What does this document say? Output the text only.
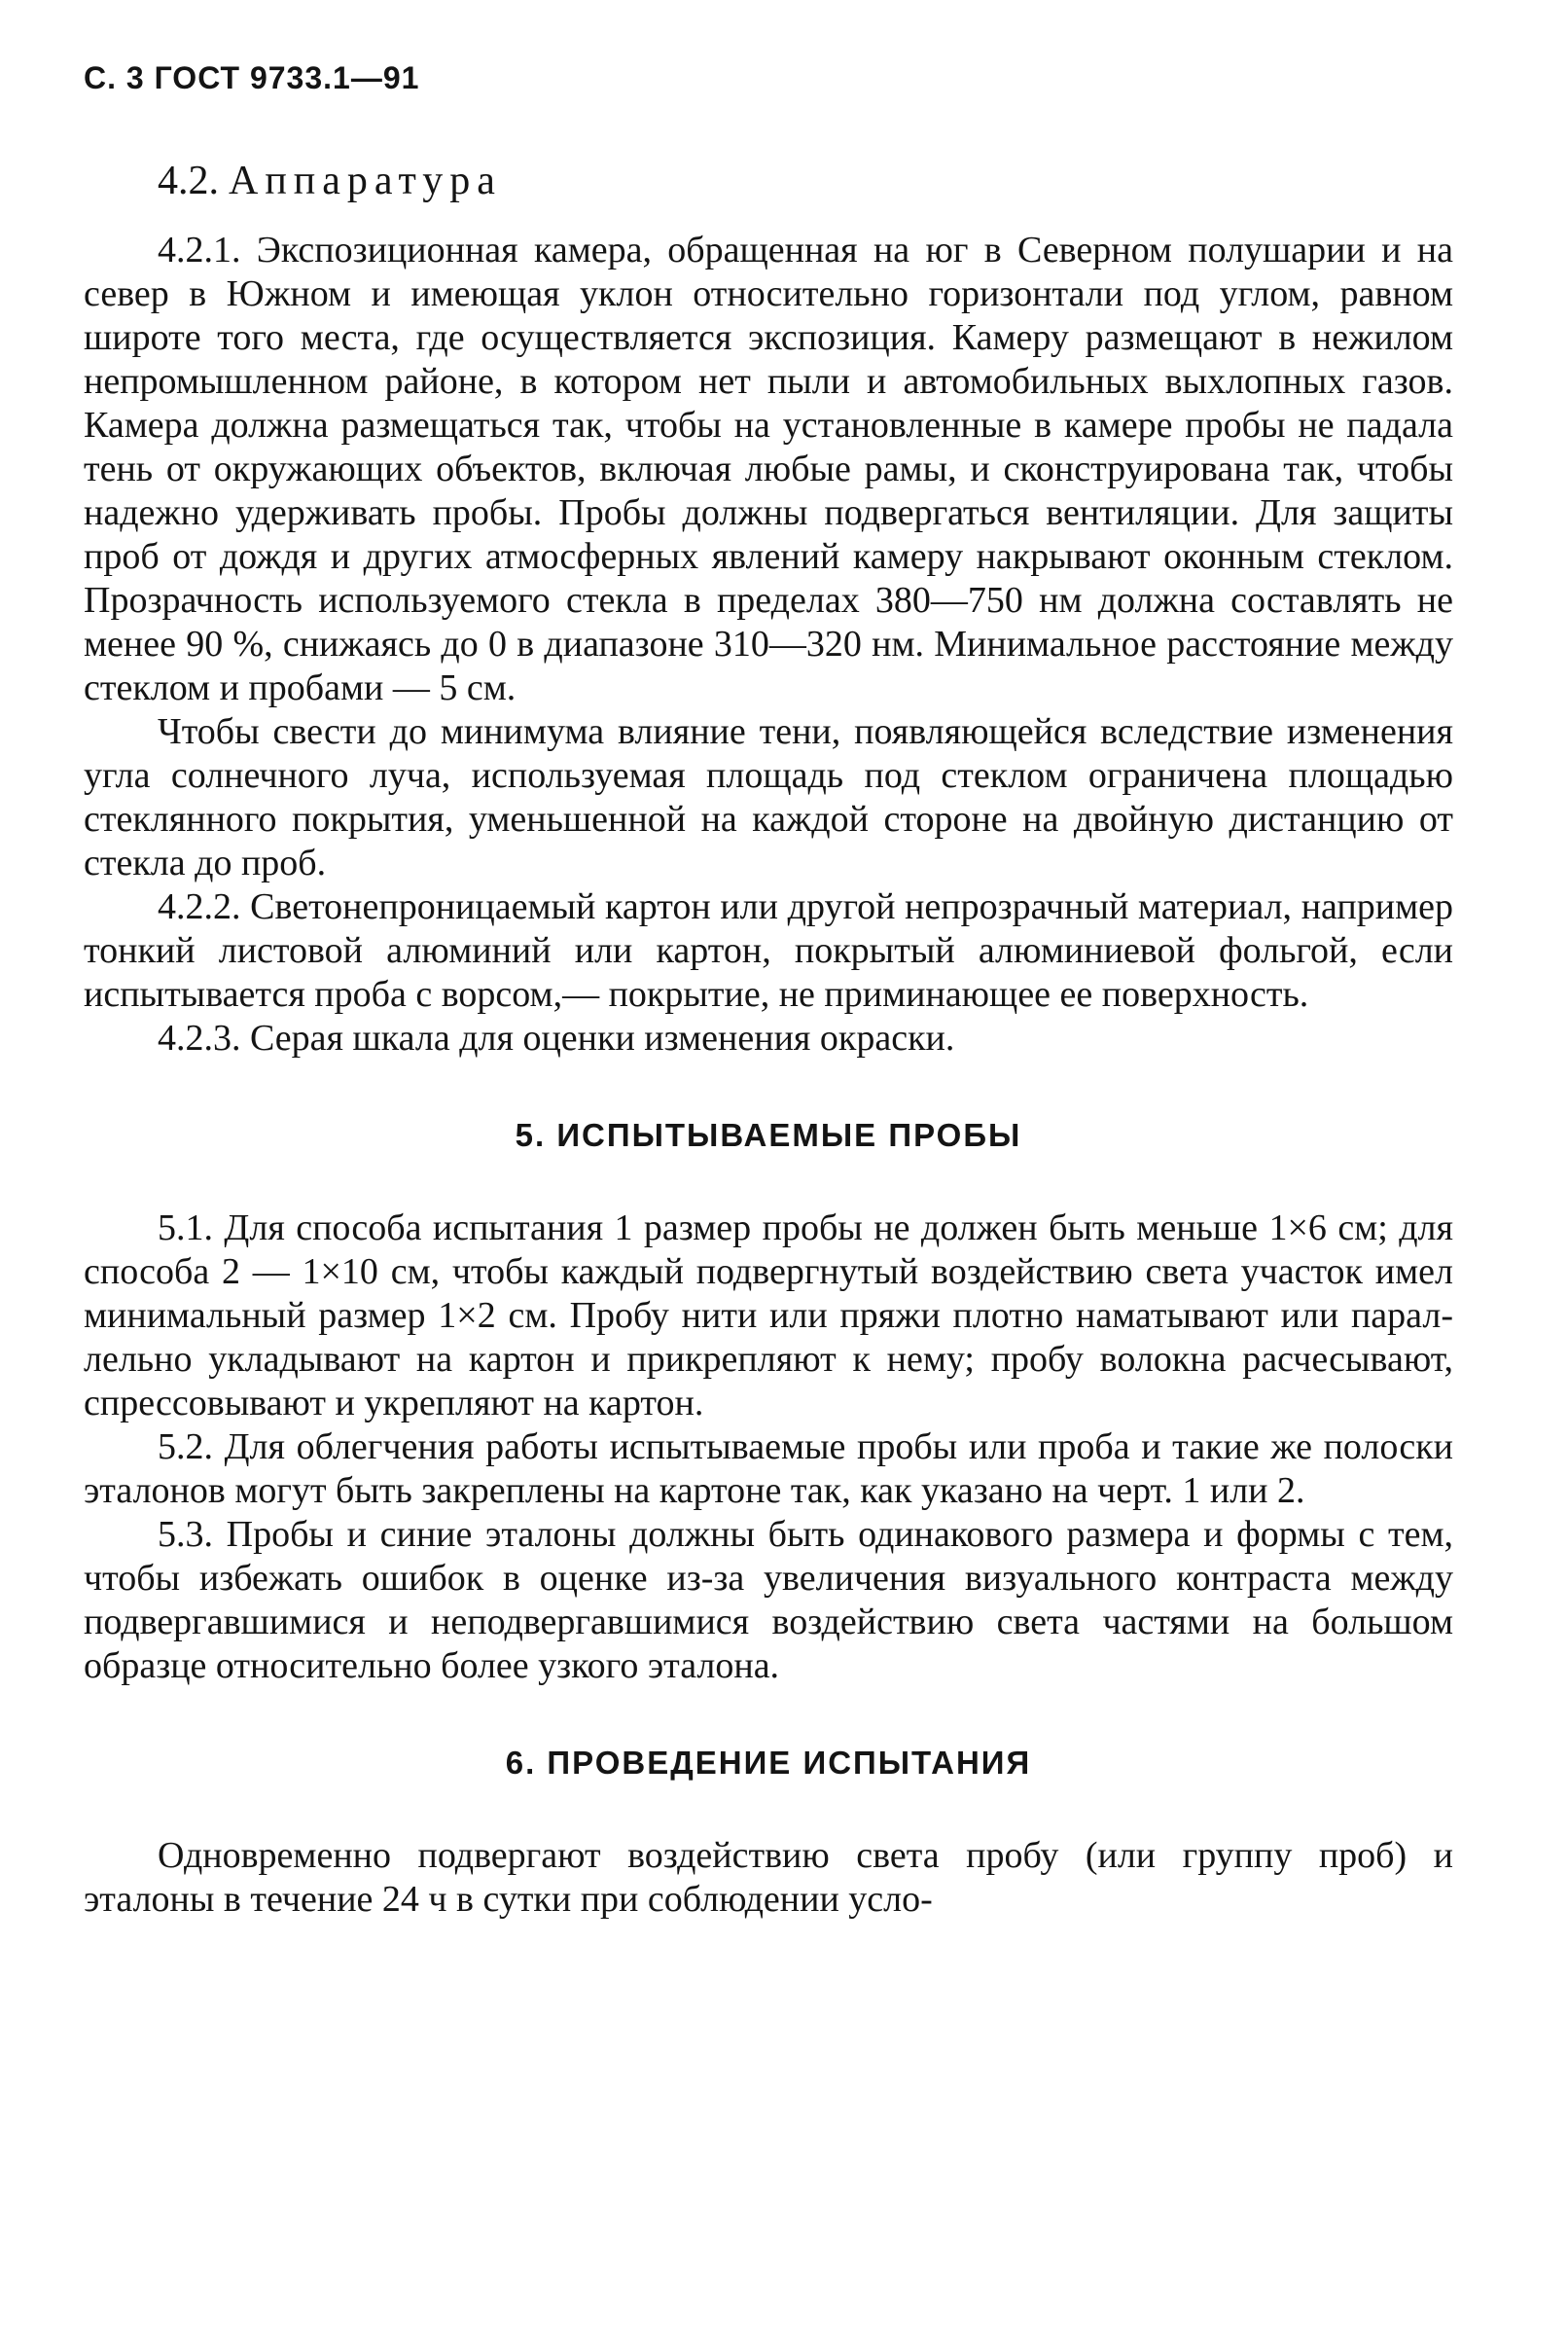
С. 3 ГОСТ 9733.1—91
4.2. Аппаратура

4.2.1. Экспозиционная камера, обращенная на юг в Северном полушарии и на север в Южном и имеющая уклон относительно горизонтали под углом, равном широте того места, где осуществляется экспозиция. Камеру размещают в нежилом непромышленном районе, в котором нет пыли и автомобильных выхлопных газов. Камера должна размещаться так, чтобы на установленные в камере пробы не падала тень от окружающих объектов, включая любые рамы, и сконструирована так, чтобы надежно удерживать пробы. Пробы должны подвергаться вентиляции. Для защиты проб от дождя и других атмосферных явлений камеру накрывают оконным стеклом. Прозрачность используемого стекла в пределах 380—750 нм должна составлять не менее 90 %, снижаясь до 0 в диапазоне 310—320 нм. Минимальное расстояние между стеклом и пробами — 5 см.

Чтобы свести до минимума влияние тени, появляющейся вследствие изменения угла солнечного луча, используемая площадь под стеклом ограничена площадью стеклянного покрытия, уменьшенной на каждой стороне на двойную дистанцию от стекла до проб.

4.2.2. Светонепроницаемый картон или другой непрозрачный материал, например тонкий листовой алюминий или картон, покрытый алюминиевой фольгой, если испытывается проба с ворсом,— покрытие, не приминающее ее поверхность.

4.2.3. Серая шкала для оценки изменения окраски.

5. ИСПЫТЫВАЕМЫЕ ПРОБЫ

5.1. Для способа испытания 1 размер пробы не должен быть меньше 1×6 см; для способа 2 — 1×10 см, чтобы каждый подвергнутый воздействию света участок имел минимальный размер 1×2 см. Пробу нити или пряжи плотно наматывают или параллельно укладывают на картон и прикрепляют к нему; пробу волокна расчесывают, спрессовывают и укрепляют на картон.

5.2. Для облегчения работы испытываемые пробы или проба и такие же полоски эталонов могут быть закреплены на картоне так, как указано на черт. 1 или 2.

5.3. Пробы и синие эталоны должны быть одинакового размера и формы с тем, чтобы избежать ошибок в оценке из-за увеличения визуального контраста между подвергавшимися и неподвергавшимися воздействию света частями на большом образце относительно более узкого эталона.

6. ПРОВЕДЕНИЕ ИСПЫТАНИЯ

Одновременно подвергают воздействию света пробу (или группу проб) и эталоны в течение 24 ч в сутки при соблюдении усло-
